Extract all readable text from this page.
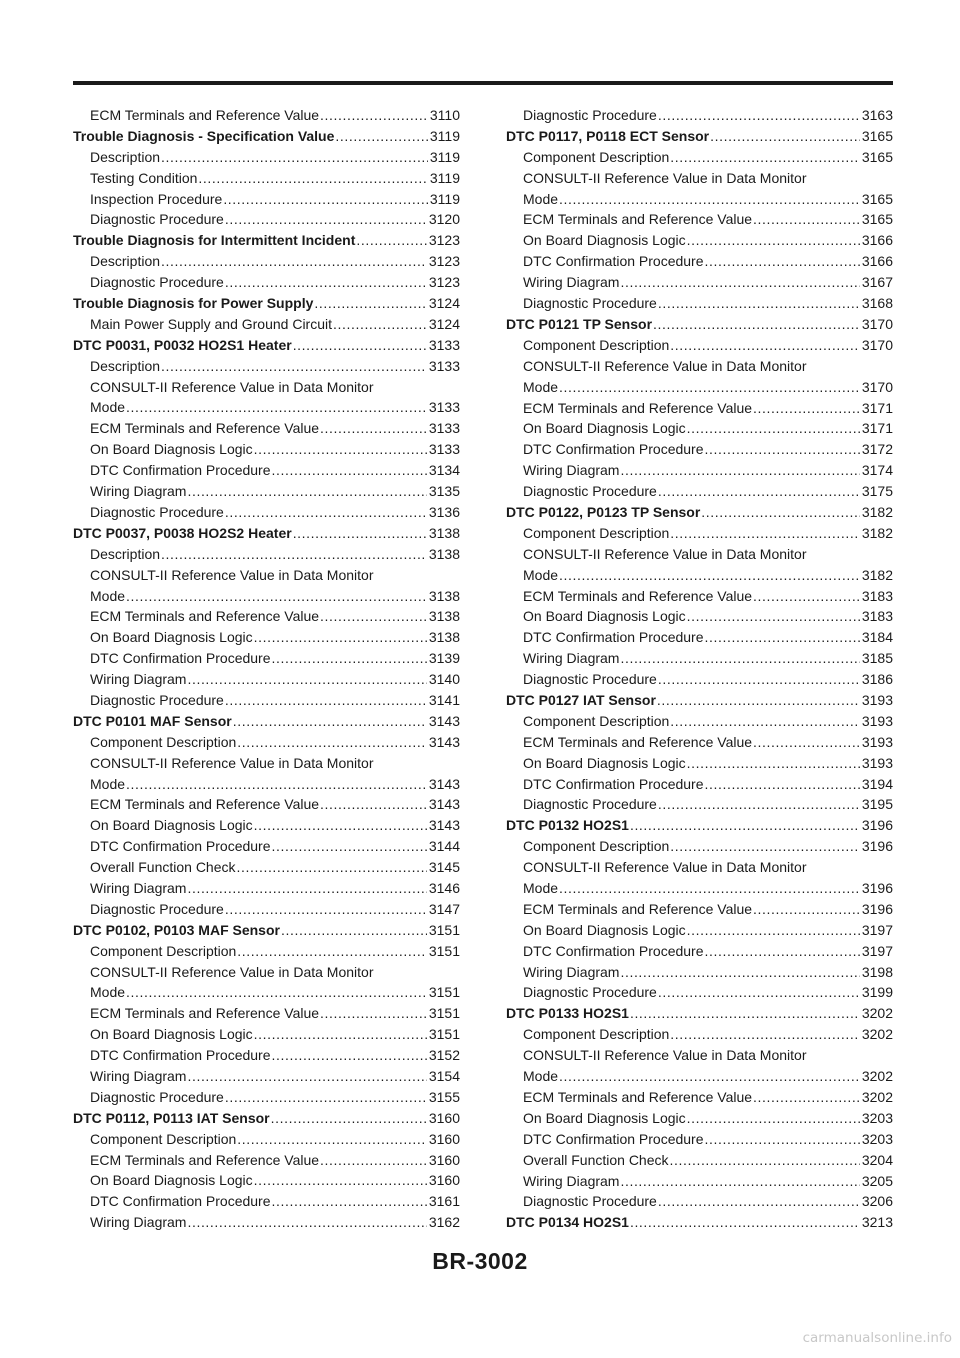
ECM Terminals and Reference Value .....	3110
Trouble Diagnosis - Specification Value .....	3119
Description .....	3119
Testing Condition .....	3119
Inspection Procedure .....	3119
Diagnostic Procedure .....	3120
Trouble Diagnosis for Intermittent Incident .....	3123
Description .....	3123
Diagnostic Procedure .....	3123
Trouble Diagnosis for Power Supply .....	3124
Main Power Supply and Ground Circuit .....	3124
DTC P0031, P0032 HO2S1 Heater .....	3133
Description .....	3133
CONSULT-II Reference Value in Data Monitor
Mode .....	3133
ECM Terminals and Reference Value .....	3133
On Board Diagnosis Logic .....	3133
DTC Confirmation Procedure .....	3134
Wiring Diagram .....	3135
Diagnostic Procedure .....	3136
DTC P0037, P0038 HO2S2 Heater .....	3138
Description .....	3138
CONSULT-II Reference Value in Data Monitor
Mode .....	3138
ECM Terminals and Reference Value .....	3138
On Board Diagnosis Logic .....	3138
DTC Confirmation Procedure .....	3139
Wiring Diagram .....	3140
Diagnostic Procedure .....	3141
DTC P0101 MAF Sensor .....	3143
Component Description .....	3143
CONSULT-II Reference Value in Data Monitor
Mode .....	3143
ECM Terminals and Reference Value .....	3143
On Board Diagnosis Logic .....	3143
DTC Confirmation Procedure .....	3144
Overall Function Check .....	3145
Wiring Diagram .....	3146
Diagnostic Procedure .....	3147
DTC P0102, P0103 MAF Sensor .....	3151
Component Description .....	3151
CONSULT-II Reference Value in Data Monitor
Mode .....	3151
ECM Terminals and Reference Value .....	3151
On Board Diagnosis Logic .....	3151
DTC Confirmation Procedure .....	3152
Wiring Diagram .....	3154
Diagnostic Procedure .....	3155
DTC P0112, P0113 IAT Sensor .....	3160
Component Description .....	3160
ECM Terminals and Reference Value .....	3160
On Board Diagnosis Logic .....	3160
DTC Confirmation Procedure .....	3161
Wiring Diagram .....	3162
Diagnostic Procedure .....	3163
DTC P0117, P0118 ECT Sensor .....	3165
Component Description .....	3165
CONSULT-II Reference Value in Data Monitor
Mode .....	3165
ECM Terminals and Reference Value .....	3165
On Board Diagnosis Logic .....	3166
DTC Confirmation Procedure .....	3166
Wiring Diagram .....	3167
Diagnostic Procedure .....	3168
DTC P0121 TP Sensor .....	3170
Component Description .....	3170
CONSULT-II Reference Value in Data Monitor
Mode .....	3170
ECM Terminals and Reference Value .....	3171
On Board Diagnosis Logic .....	3171
DTC Confirmation Procedure .....	3172
Wiring Diagram .....	3174
Diagnostic Procedure .....	3175
DTC P0122, P0123 TP Sensor .....	3182
Component Description .....	3182
CONSULT-II Reference Value in Data Monitor
Mode .....	3182
ECM Terminals and Reference Value .....	3183
On Board Diagnosis Logic .....	3183
DTC Confirmation Procedure .....	3184
Wiring Diagram .....	3185
Diagnostic Procedure .....	3186
DTC P0127 IAT Sensor .....	3193
Component Description .....	3193
ECM Terminals and Reference Value .....	3193
On Board Diagnosis Logic .....	3193
DTC Confirmation Procedure .....	3194
Diagnostic Procedure .....	3195
DTC P0132 HO2S1 .....	3196
Component Description .....	3196
CONSULT-II Reference Value in Data Monitor
Mode .....	3196
ECM Terminals and Reference Value .....	3196
On Board Diagnosis Logic .....	3197
DTC Confirmation Procedure .....	3197
Wiring Diagram .....	3198
Diagnostic Procedure .....	3199
DTC P0133 HO2S1 .....	3202
Component Description .....	3202
CONSULT-II Reference Value in Data Monitor
Mode .....	3202
ECM Terminals and Reference Value .....	3202
On Board Diagnosis Logic .....	3203
DTC Confirmation Procedure .....	3203
Overall Function Check .....	3204
Wiring Diagram .....	3205
Diagnostic Procedure .....	3206
DTC P0134 HO2S1 .....	3213
BR-3002
carmanualsonline.info
